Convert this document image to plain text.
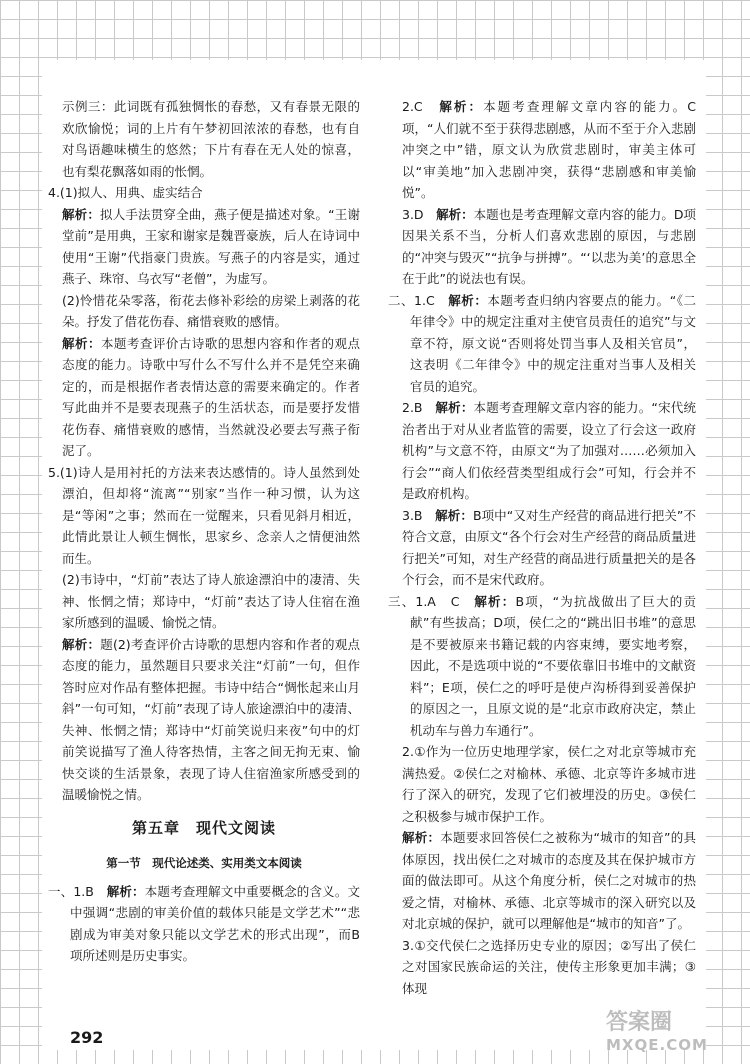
示例三：此词既有孤独惆怅的春愁，又有春景无限的欢欣愉悦；词的上片有午梦初回浓浓的春愁，也有自对鸟语趣味横生的悠然；下片有春在无人处的惊喜，也有梨花飘落如雨的怅惘。

4.(1)拟人、用典、虚实结合

解析：拟人手法贯穿全曲，燕子便是描述对象。“王谢堂前”是用典，王家和谢家是魏晋豪族，后人在诗词中使用“王谢”代指豪门贵族。写燕子的内容是实，通过燕子、珠帘、乌衣写“老僧”，为虚写。

(2)怜惜花朵零落，衔花去修补彩绘的房梁上剥落的花朵。抒发了借花伤春、痛惜衰败的感情。

解析：本题考查评价古诗歌的思想内容和作者的观点态度的能力。诗歌中写什么不写什么并不是凭空来确定的，而是根据作者表情达意的需要来确定的。作者写此曲并不是要表现燕子的生活状态，而是要抒发惜花伤春、痛惜衰败的感情，当然就没必要去写燕子衔泥了。

5.(1)诗人是用衬托的方法来表达感情的。诗人虽然到处漂泊，但却将“流离”“别家”当作一种习惯，认为这是“等闲”之事；然而在一觉醒来，只看见斜月相近，此情此景让人顿生惆怅，思家乡、念亲人之情便油然而生。

(2)韦诗中，“灯前”表达了诗人旅途漂泊中的凄清、失神、怅惘之情；郑诗中，“灯前”表达了诗人住宿在渔家所感到的温暖、愉悦之情。

解析：题(2)考查评价古诗歌的思想内容和作者的观点态度的能力，虽然题目只要求关注“灯前”一句，但作答时应对作品有整体把握。韦诗中结合“惆怅起来山月斜”一句可知，“灯前”表现了诗人旅途漂泊中的凄清、失神、怅惘之情；郑诗中“灯前笑说归来夜”句中的灯前笑说描写了渔人待客热情，主客之间无拘无束、愉快交谈的生活景象，表现了诗人住宿渔家所感受到的温暖愉悦之情。

第五章　现代文阅读

第一节　现代论述类、实用类文本阅读

一、1.B　解析：本题考查理解文中重要概念的含义。文中强调“悲剧的审美价值的载体只能是文学艺术”“悲剧成为审美对象只能以文学艺术的形式出现”，而B项所述则是历史事实。

2.C　解析：本题考查理解文章内容的能力。C项，“人们就不至于获得悲剧感，从而不至于介入悲剧冲突之中”错，原文认为欣赏悲剧时，审美主体可以“审美地”加入悲剧冲突，获得“悲剧感和审美愉悦”。

3.D　解析：本题也是考查理解文章内容的能力。D项因果关系不当，分析人们喜欢悲剧的原因，与悲剧的“冲突与毁灭”“抗争与拼搏”。“‘以悲为美’的意思全在于此”的说法也有误。

二、1.C　解析：本题考查归纳内容要点的能力。“《二年律令》中的规定注重对主使官员责任的追究”与文章不符，原文说“否则将处罚当事人及相关官员”，这表明《二年律令》中的规定注重对当事人及相关官员的追究。

2.B　解析：本题考查理解文章内容的能力。“宋代统治者出于对从业者监管的需要，设立了行会这一政府机构”与文意不符，由原文“为了加强对……必须加入行会”“商人们依经营类型组成行会”可知，行会并不是政府机构。

3.B　解析：B项中“又对生产经营的商品进行把关”不符合文意，由原文“各个行会对生产经营的商品质量进行把关”可知，对生产经营的商品进行质量把关的是各个行会，而不是宋代政府。

三、1.A　C　解析：B项，“为抗战做出了巨大的贡献”有些拔高；D项，侯仁之的“跳出旧书堆”的意思是不要被原来书籍记载的内容束缚，要实地考察，因此，不是选项中说的“不要依靠旧书堆中的文献资料”；E项，侯仁之的呼吁是使卢沟桥得到妥善保护的原因之一，且原文说的是“北京市政府决定，禁止机动车与兽力车通行”。

2.①作为一位历史地理学家，侯仁之对北京等城市充满热爱。②侯仁之对榆林、承德、北京等许多城市进行了深入的研究，发现了它们被埋没的历史。③侯仁之积极参与城市保护工作。

解析：本题要求回答侯仁之被称为“城市的知音”的具体原因，找出侯仁之对城市的态度及其在保护城市方面的做法即可。从这个角度分析，侯仁之对城市的热爱之情，对榆林、承德、北京等城市的深入研究以及对北京城的保护，就可以理解他是“城市的知音”了。

3.①交代侯仁之选择历史专业的原因；②写出了侯仁之对国家民族命运的关注，使传主形象更加丰满；③体现

292
答案圈
MXQE.COM
